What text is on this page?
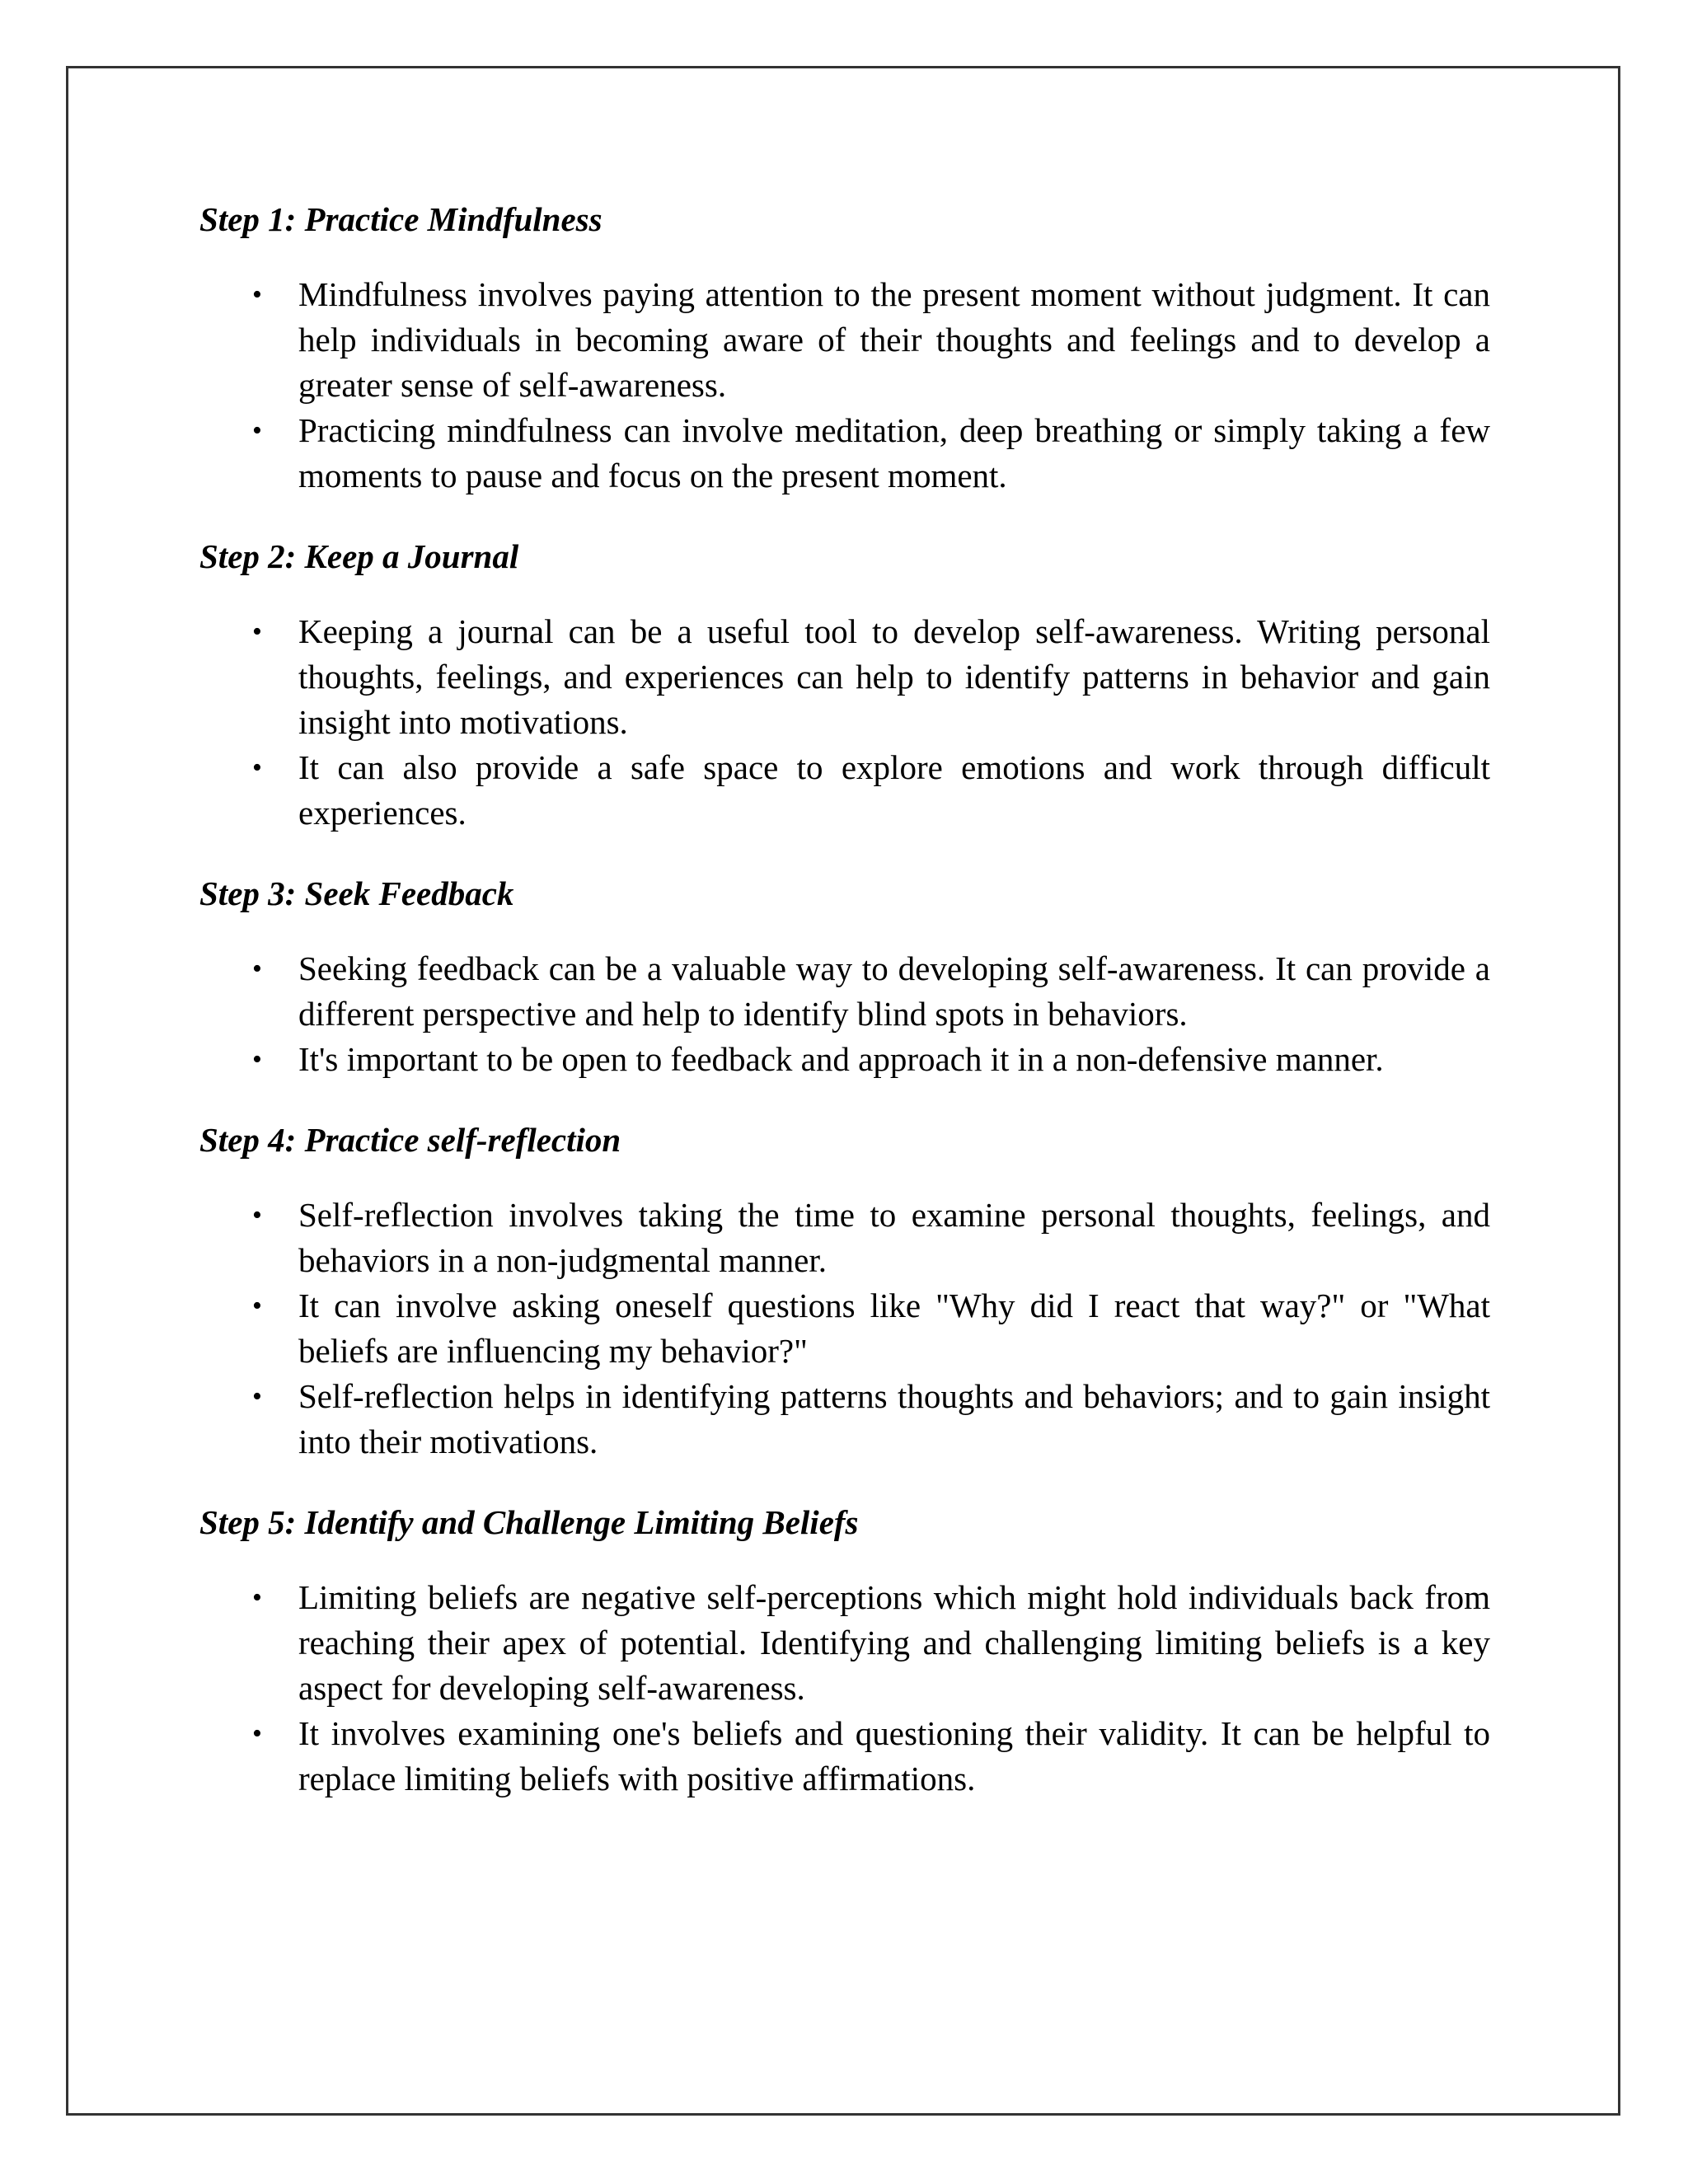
Step 1: Practice Mindfulness
• Mindfulness involves paying attention to the present moment without judgment. It can help individuals in becoming aware of their thoughts and feelings and to develop a greater sense of self-awareness.
• Practicing mindfulness can involve meditation, deep breathing or simply taking a few moments to pause and focus on the present moment.
Step 2: Keep a Journal
• Keeping a journal can be a useful tool to develop self-awareness. Writing personal thoughts, feelings, and experiences can help to identify patterns in behavior and gain insight into motivations.
• It can also provide a safe space to explore emotions and work through difficult experiences.
Step 3: Seek Feedback
• Seeking feedback can be a valuable way to developing self-awareness. It can provide a different perspective and help to identify blind spots in behaviors.
• It's important to be open to feedback and approach it in a non-defensive manner.
Step 4: Practice self-reflection
• Self-reflection involves taking the time to examine personal thoughts, feelings, and behaviors in a non-judgmental manner.
• It can involve asking oneself questions like "Why did I react that way?" or "What beliefs are influencing my behavior?"
• Self-reflection helps in identifying patterns thoughts and behaviors; and to gain insight into their motivations.
Step 5: Identify and Challenge Limiting Beliefs
• Limiting beliefs are negative self-perceptions which might hold individuals back from reaching their apex of potential. Identifying and challenging limiting beliefs is a key aspect for developing self-awareness.
• It involves examining one's beliefs and questioning their validity. It can be helpful to replace limiting beliefs with positive affirmations.
